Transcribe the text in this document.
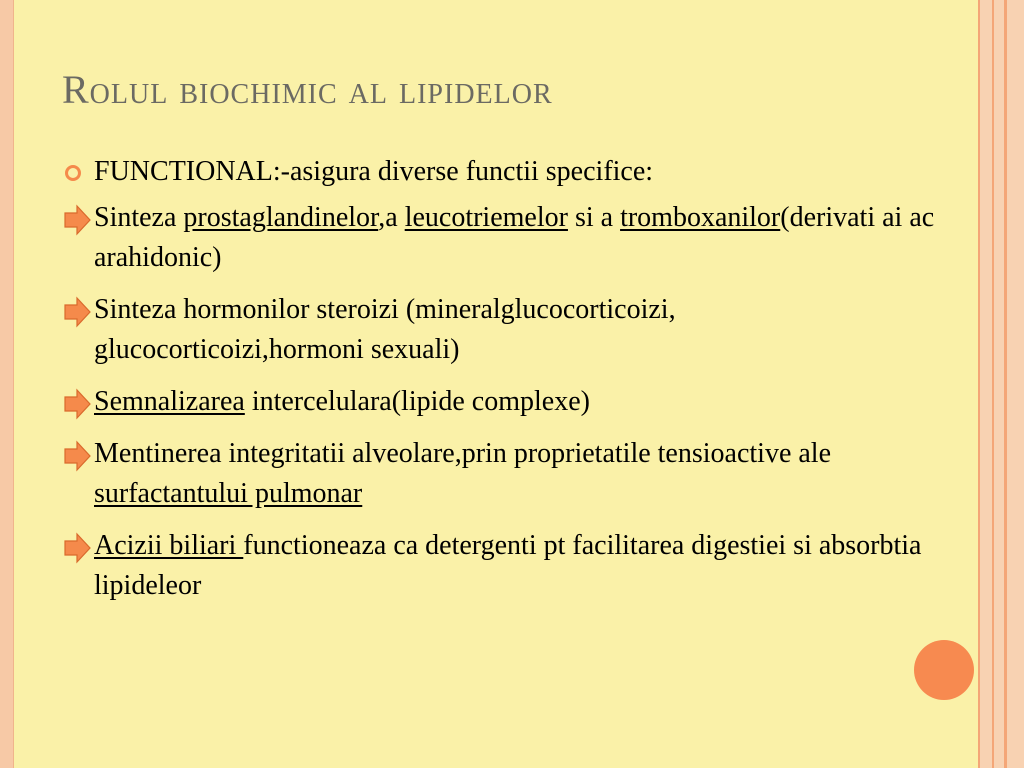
Rolul biochimic al lipidelor
FUNCTIONAL:-asigura diverse functii specifice:
Sinteza prostaglandinelor,a leucotriemelor si a tromboxanilor(derivati ai ac arahidonic)
Sinteza hormonilor steroizi (mineralglucocorticoizi, glucocorticoizi,hormoni sexuali)
Semnalizarea intercelulara(lipide complexe)
Mentinerea integritatii alveolare,prin proprietatile tensioactive ale surfactantului pulmonar
Acizii biliari functioneaza ca detergenti pt facilitarea digestiei si absorbtia lipideleor
